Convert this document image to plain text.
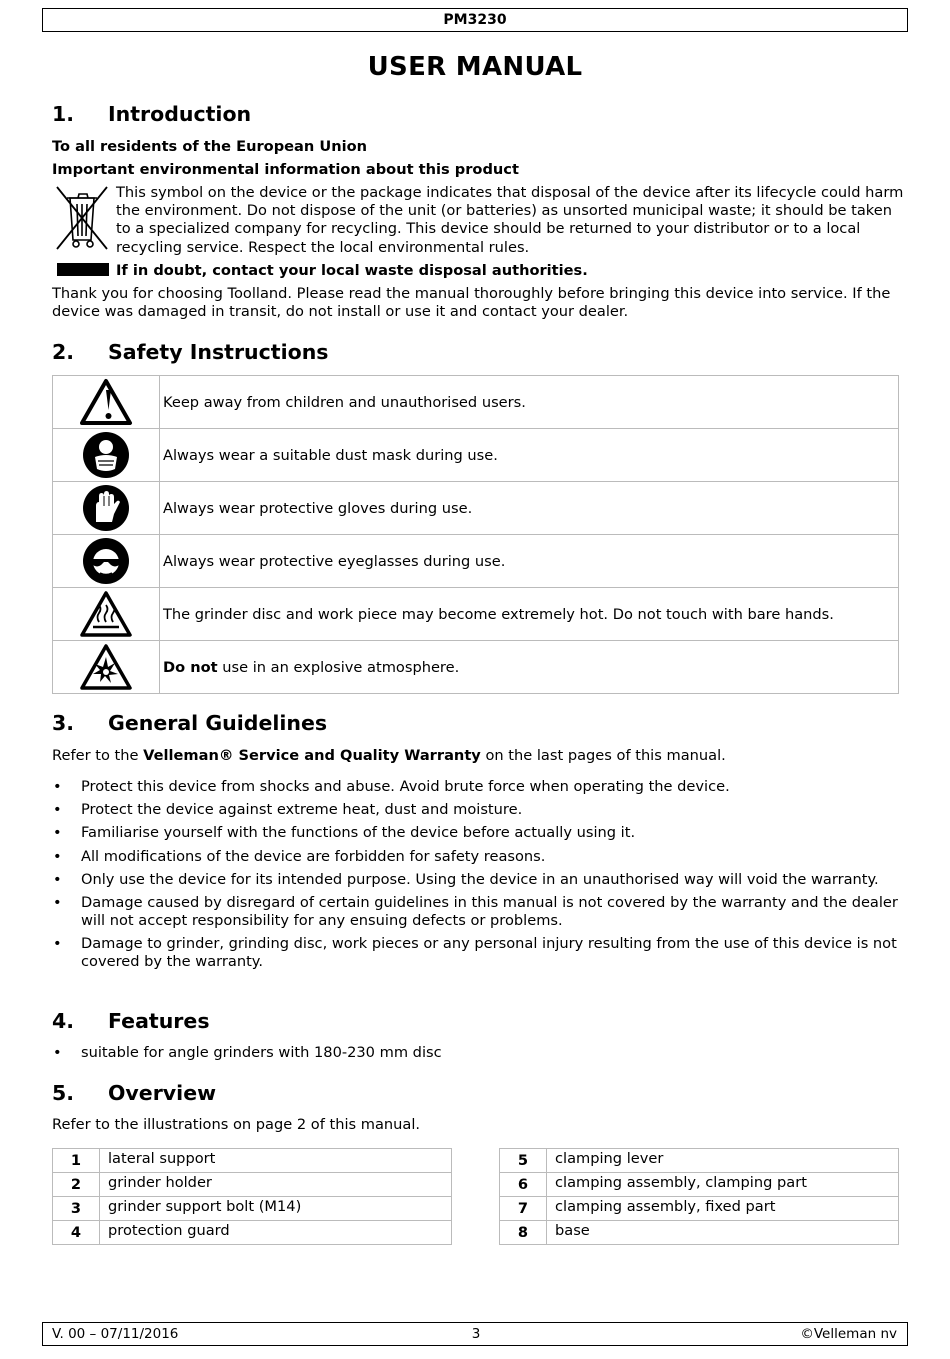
PM3230
USER MANUAL
1. Introduction
To all residents of the European Union
Important environmental information about this product
This symbol on the device or the package indicates that disposal of the device after its lifecycle could harm the environment. Do not dispose of the unit (or batteries) as unsorted municipal waste; it should be taken to a specialized company for recycling. This device should be returned to your distributor or to a local recycling service. Respect the local environmental rules.
If in doubt, contact your local waste disposal authorities.
Thank you for choosing Toolland. Please read the manual thoroughly before bringing this device into service. If the device was damaged in transit, do not install or use it and contact your dealer.
2. Safety Instructions
	Keep away from children and unauthorised users.

	Always wear a suitable dust mask during use.

	Always wear protective gloves during use.

	Always wear protective eyeglasses during use.

	The grinder disc and work piece may become extremely hot. Do not touch with bare hands.

	Do not use in an explosive atmosphere.
3. General Guidelines
Refer to the Velleman® Service and Quality Warranty on the last pages of this manual.
• Protect this device from shocks and abuse. Avoid brute force when operating the device.
• Protect the device against extreme heat, dust and moisture.
• Familiarise yourself with the functions of the device before actually using it.
• All modifications of the device are forbidden for safety reasons.
• Only use the device for its intended purpose. Using the device in an unauthorised way will void the warranty.
• Damage caused by disregard of certain guidelines in this manual is not covered by the warranty and the dealer will not accept responsibility for any ensuing defects or problems.
• Damage to grinder, grinding disc, work pieces or any personal injury resulting from the use of this device is not covered by the warranty.
4. Features
• suitable for angle grinders with 180-230 mm disc
5. Overview
Refer to the illustrations on page 2 of this manual.
1	lateral support
2	grinder holder
3	grinder support bolt (M14)
4	protection guard
5	clamping lever
6	clamping assembly, clamping part
7	clamping assembly, fixed part
8	base
V. 00 – 07/11/2016	3	©Velleman nv
